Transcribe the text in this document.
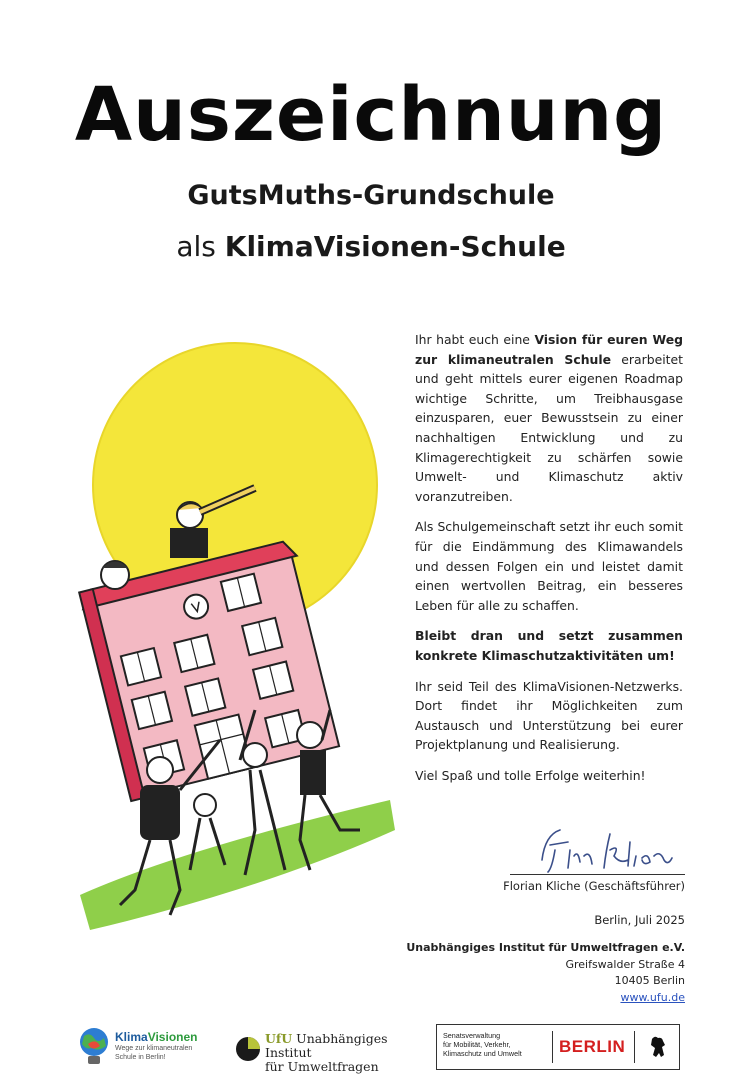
Auszeichnung
GutsMuths-Grundschule
als KlimaVisionen-Schule

Ihr habt euch eine Vision für euren Weg zur klimaneutralen Schule erarbeitet und geht mittels eurer eigenen Roadmap wichtige Schritte, um Treibhausgase einzusparen, euer Bewusstsein zu einer nachhaltigen Entwicklung und zu Klimagerechtigkeit zu schärfen sowie Umwelt- und Klimaschutz aktiv voranzutreiben.

Als Schulgemeinschaft setzt ihr euch somit für die Eindämmung des Klimawandels und dessen Folgen ein und leistet damit einen wertvollen Beitrag, ein besseres Leben für alle zu schaffen.

Bleibt dran und setzt zusammen konkrete Klimaschutzaktivitäten um!

Ihr seid Teil des KlimaVisionen-Netzwerks. Dort findet ihr Möglichkeiten zum Austausch und Unterstützung bei eurer Projektplanung und Realisierung.

Viel Spaß und tolle Erfolge weiterhin!

Florian Kliche (Geschäftsführer)
Berlin, Juli 2025
Unabhängiges Institut für Umweltfragen e.V.
Greifswalder Straße 4
10405 Berlin
www.ufu.de
KlimaVisionen
Wege zur klimaneutralen
Schule in Berlin!
UfU Unabhängiges Institut
für Umweltfragen
Senatsverwaltung
für Mobilität, Verkehr,
Klimaschutz und Umwelt	BERLIN
